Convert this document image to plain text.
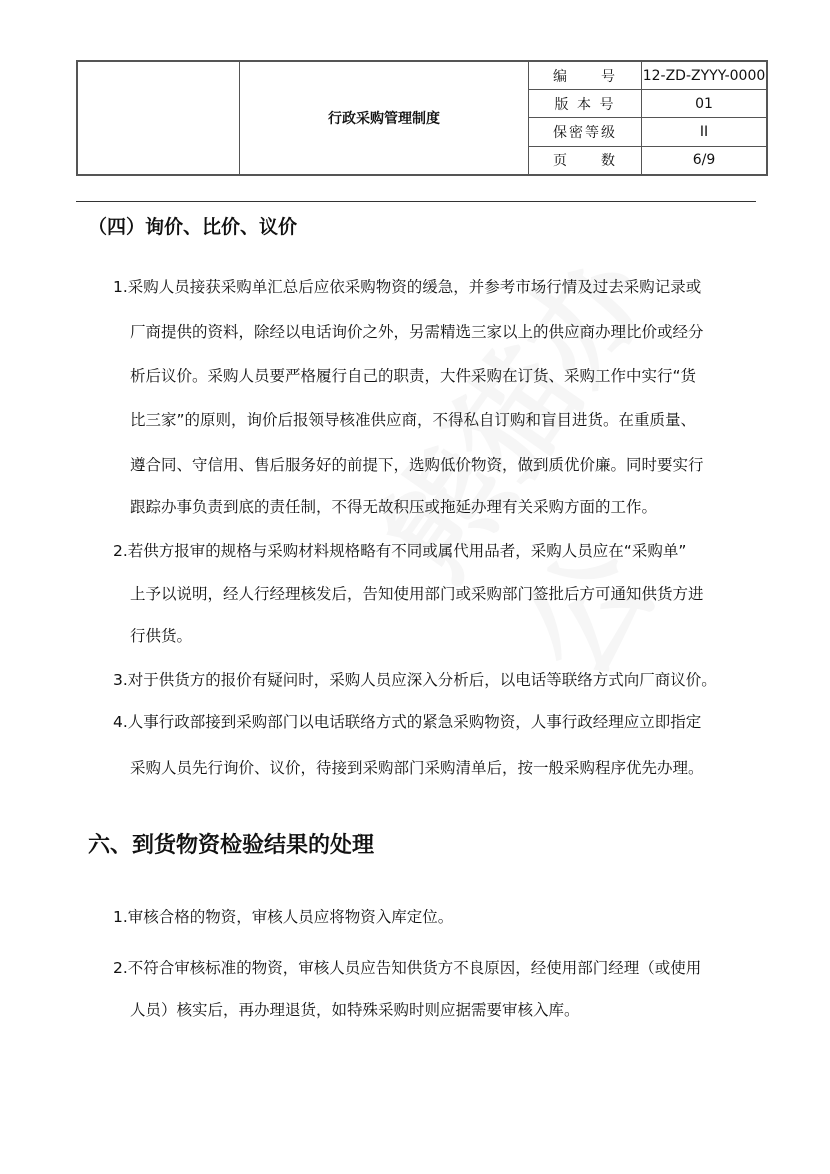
	行政采购管理制度	编　　号	12-ZD-ZYYY-0000
		版 本 号	01
		保密等级	II
		页　　数	6/9
（四）询价、比价、议价
1.采购人员接获采购单汇总后应依采购物资的缓急，并参考市场行情及过去采购记录或
厂商提供的资料，除经以电话询价之外，另需精选三家以上的供应商办理比价或经分
析后议价。采购人员要严格履行自己的职责，大件采购在订货、采购工作中实行“货
比三家”的原则，询价后报领导核准供应商，不得私自订购和盲目进货。在重质量、
遵合同、守信用、售后服务好的前提下，选购低价物资，做到质优价廉。同时要实行
跟踪办事负责到底的责任制，不得无故积压或拖延办理有关采购方面的工作。
2.若供方报审的规格与采购材料规格略有不同或属代用品者，采购人员应在“采购单”
上予以说明，经人行经理核发后，告知使用部门或采购部门签批后方可通知供货方进
行供货。
3.对于供货方的报价有疑问时，采购人员应深入分析后，以电话等联络方式向厂商议价。
4.人事行政部接到采购部门以电话联络方式的紧急采购物资，人事行政经理应立即指定
采购人员先行询价、议价，待接到采购部门采购清单后，按一般采购程序优先办理。
六、到货物资检验结果的处理
1.审核合格的物资，审核人员应将物资入库定位。
2.不符合审核标准的物资，审核人员应告知供货方不良原因，经使用部门经理（或使用
人员）核实后，再办理退货，如特殊采购时则应据需要审核入库。
